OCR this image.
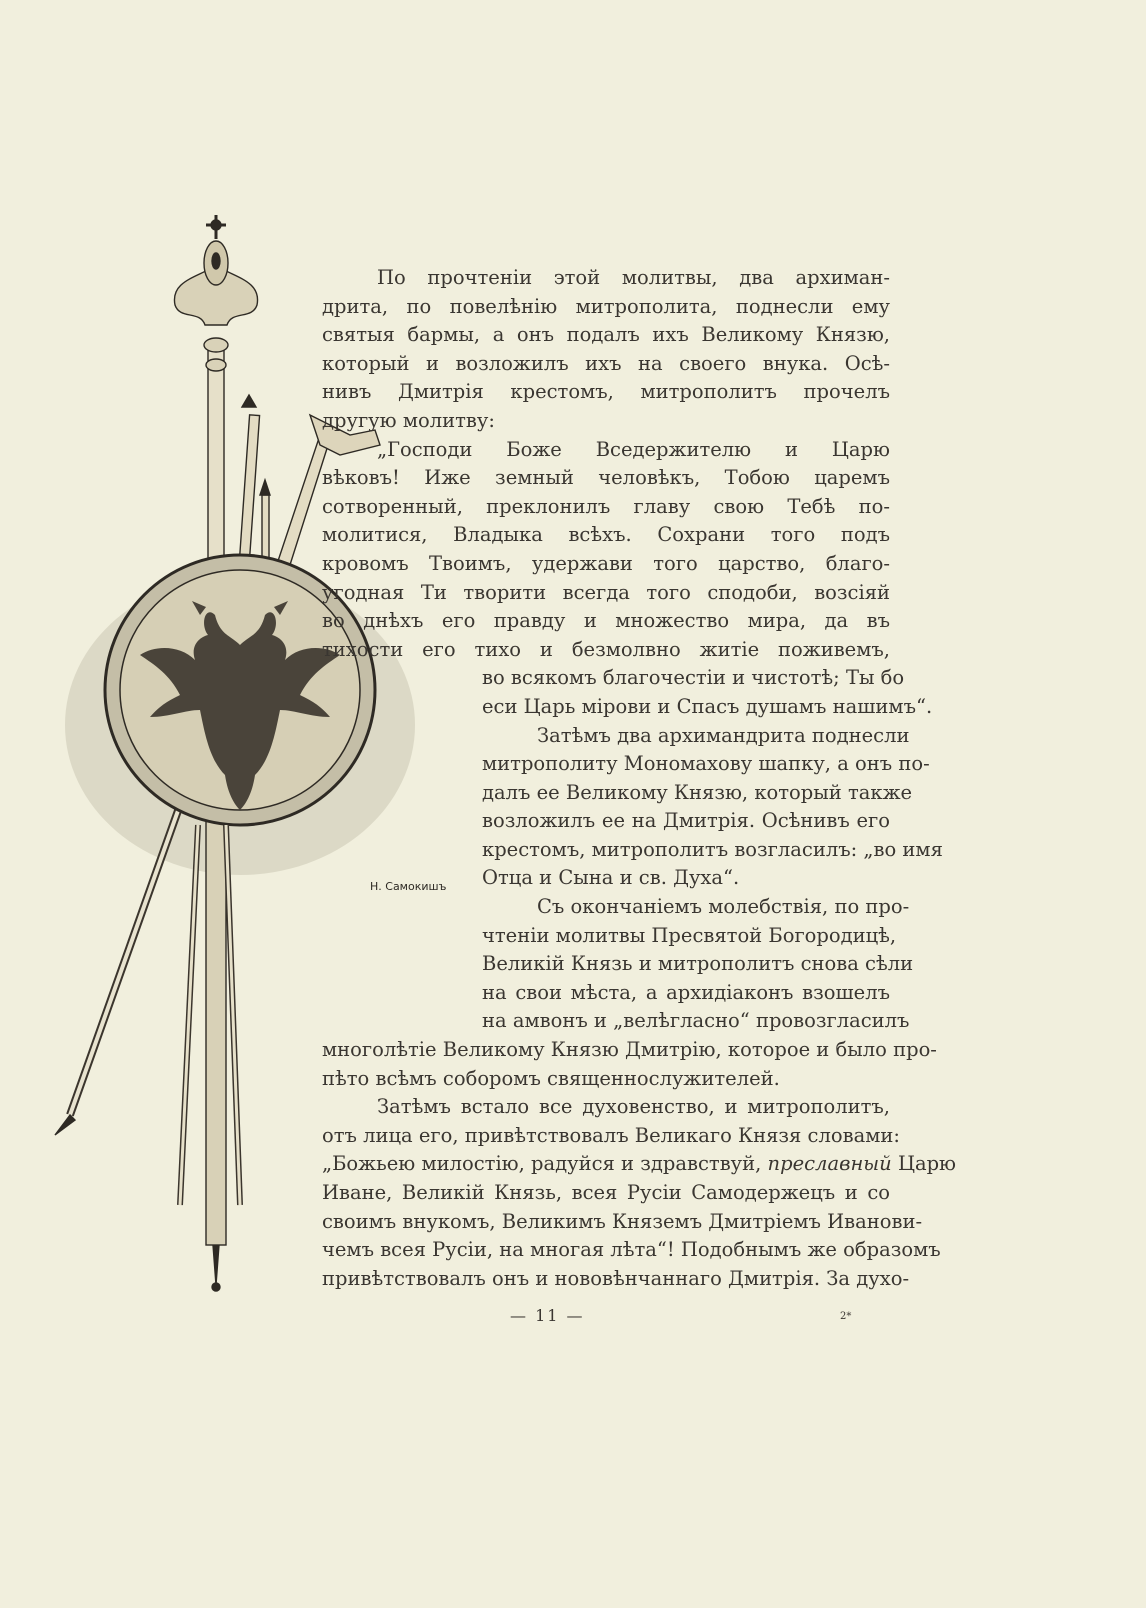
Н. Самокишъ
По прочтенiи этой молитвы, два архиман-
дрита, по повелѣнiю митрополита, поднесли ему
святыя бармы, а онъ подалъ ихъ Великому Князю,
который и возложилъ ихъ на своего внука. Осѣ-
нивъ Дмитрiя крестомъ, митрополитъ прочелъ
другую молитву:
„Господи Боже Вседержителю и Царю
вѣковъ! Иже земный человѣкъ, Тобою царемъ
сотворенный, преклонилъ главу свою Тебѣ по-
молитися, Владыка всѣхъ. Сохрани того подъ
кровомъ Твоимъ, удержави того царство, благо-
угодная Ти творити всегда того сподоби, возсiяй
во днѣхъ его правду и множество мира, да въ
тихости его тихо и безмолвно житiе поживемъ,
во всякомъ благочестiи и чистотѣ; Ты бо
еси Царь мiрови и Спасъ душамъ нашимъ“.
Затѣмъ два архимандрита поднесли
митрополиту Мономахову шапку, а онъ по-
далъ ее Великому Князю, который также
возложилъ ее на Дмитрiя. Осѣнивъ его
крестомъ, митрополитъ возгласилъ: „во имя
Отца и Сына и св. Духа“.
Съ окончанiемъ молебствiя, по про-
чтенiи молитвы Пресвятой Богородицѣ,
Великiй Князь и митрополитъ снова сѣли
на свои мѣста, а архидiаконъ взошелъ
на амвонъ и „велѣгласно“ провозгласилъ
многолѣтiе Великому Князю Дмитрiю, которое и было про-
пѣто всѣмъ соборомъ священнослужителей.
Затѣмъ встало все духовенство, и митрополитъ,
отъ лица его, привѣтствовалъ Великаго Князя словами:
„Божьею милостiю, радуйся и здравствуй, преславный Царю
Иване, Великiй Князь, всея Русiи Самодержецъ и со
своимъ внукомъ, Великимъ Княземъ Дмитрiемъ Иванови-
чемъ всея Русiи, на многая лѣта“! Подобнымъ же образомъ
привѣтствовалъ онъ и нововѣнчаннаго Дмитрiя. За духо-
— 11 —	2*
